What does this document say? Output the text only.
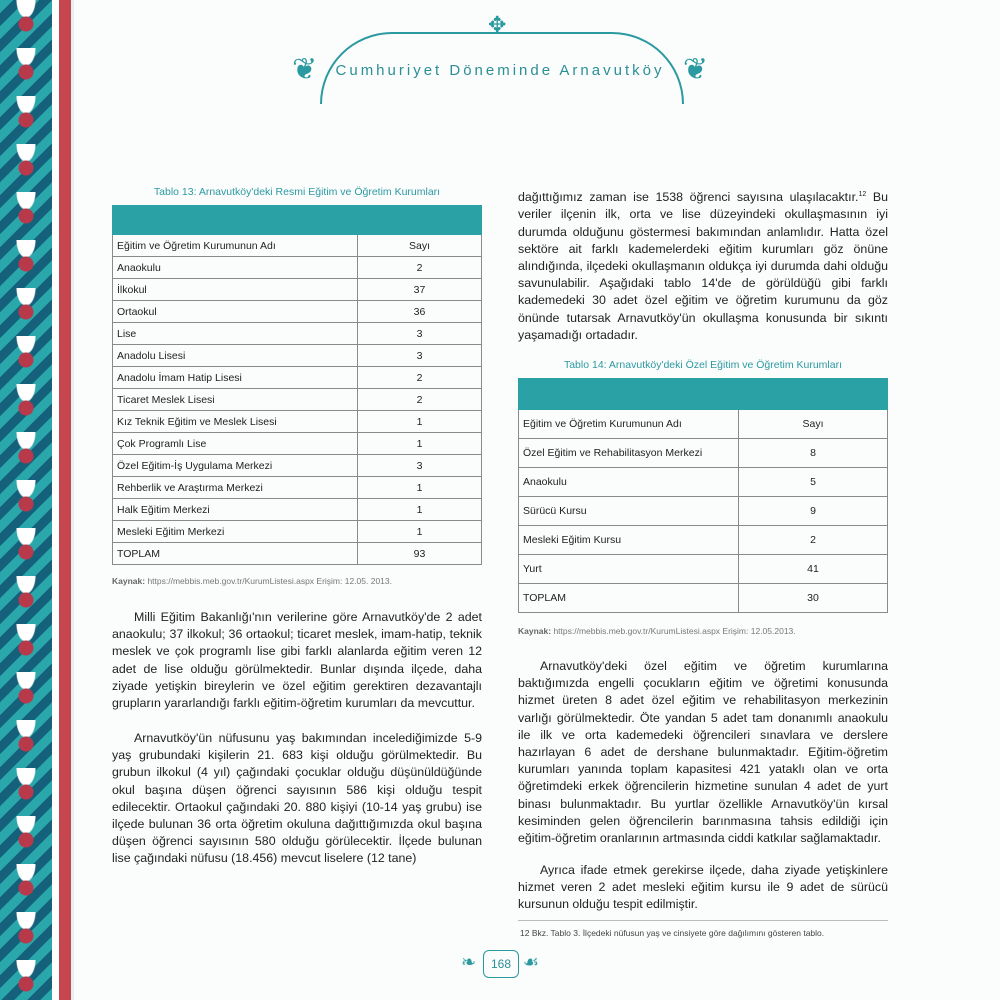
✥
❦	❦
Cumhuriyet Döneminde Arnavutköy
Tablo 13: Arnavutköy'deki Resmi Eğitim ve Öğretim Kurumları

Eğitim ve Öğretim Kurumunun Adı	Sayı
Anaokulu	2
İlkokul	37
Ortaokul	36
Lise	3
Anadolu Lisesi	3
Anadolu İmam Hatip Lisesi	2
Ticaret Meslek Lisesi	2
Kız Teknik Eğitim ve Meslek Lisesi	1
Çok Programlı Lise	1
Özel Eğitim-İş Uygulama Merkezi	3
Rehberlik ve Araştırma Merkezi	1
Halk Eğitim Merkezi	1
Mesleki Eğitim Merkezi	1
TOPLAM	93
Kaynak: https://mebbis.meb.gov.tr/KurumListesi.aspx Erişim: 12.05. 2013.

Milli Eğitim Bakanlığı'nın verilerine göre Arnavutköy'de 2 adet anaokulu; 37 ilkokul; 36 ortaokul; ticaret meslek, imam-hatip, teknik meslek ve çok programlı lise gibi farklı alanlarda eğitim veren 12 adet de lise olduğu görülmektedir. Bunlar dışında ilçede, daha ziyade yetişkin bireylerin ve özel eğitim gerektiren dezavantajlı grupların yararlandığı farklı eğitim-öğretim kurumları da mevcuttur.

Arnavutköy'ün nüfusunu yaş bakımından incelediğimizde 5-9 yaş grubundaki kişilerin 21. 683 kişi olduğu görülmektedir. Bu grubun ilkokul (4 yıl) çağındaki çocuklar olduğu düşünüldüğünde okul başına düşen öğrenci sayısının 586 kişi olduğu tespit edilecektir. Ortaokul çağındaki 20. 880 kişiyi (10-14 yaş grubu) ise ilçede bulunan 36 orta öğretim okuluna dağıttığımızda okul başına düşen öğrenci sayısının 580 olduğu görülecektir. İlçede bulunan lise çağındaki nüfusu (18.456) mevcut liselere (12 tane)

dağıttığımız zaman ise 1538 öğrenci sayısına ulaşılacaktır.$^{12}$ Bu veriler ilçenin ilk, orta ve lise düzeyindeki okullaşmasının iyi durumda olduğunu göstermesi bakımından anlamlıdır. Hatta özel sektöre ait farklı kademelerdeki eğitim kurumları göz önüne alındığında, ilçedeki okullaşmanın oldukça iyi durumda dahi olduğu savunulabilir. Aşağıdaki tablo 14'de de görüldüğü gibi farklı kademedeki 30 adet özel eğitim ve öğretim kurumunu da göz önünde tutarsak Arnavutköy'ün okullaşma konusunda bir sıkıntı yaşamadığı ortadadır.

Tablo 14: Arnavutköy'deki Özel Eğitim ve Öğretim Kurumları

Eğitim ve Öğretim Kurumunun Adı	Sayı
Özel Eğitim ve Rehabilitasyon Merkezi	8
Anaokulu	5
Sürücü Kursu	9
Mesleki Eğitim Kursu	2
Yurt	41
TOPLAM	30
Kaynak: https://mebbis.meb.gov.tr/KurumListesi.aspx Erişim: 12.05.2013.

Arnavutköy'deki özel eğitim ve öğretim kurumlarına baktığımızda engelli çocukların eğitim ve öğretimi konusunda hizmet üreten 8 adet özel eğitim ve rehabilitasyon merkezinin varlığı görülmektedir. Öte yandan 5 adet tam donanımlı anaokulu ile ilk ve orta kademedeki öğrencileri sınavlara ve derslere hazırlayan 6 adet de dershane bulunmaktadır. Eğitim-öğretim kurumları yanında toplam kapasitesi 421 yataklı olan ve orta öğretimdeki erkek öğrencilerin hizmetine sunulan 4 adet de yurt binası bulunmaktadır. Bu yurtlar özellikle Arnavutköy'ün kırsal kesiminden gelen öğrencilerin barınmasına tahsis edildiği için eğitim-öğretim oranlarının artmasında ciddi katkılar sağlamaktadır.

Ayrıca ifade etmek gerekirse ilçede, daha ziyade yetişkinlere hizmet veren 2 adet mesleki eğitim kursu ile 9 adet de sürücü kursunun olduğu tespit edilmiştir.

12 Bkz. Tablo 3. İlçedeki nüfusun yaş ve cinsiyete göre dağılımını gösteren tablo.
❧	168 ☙
